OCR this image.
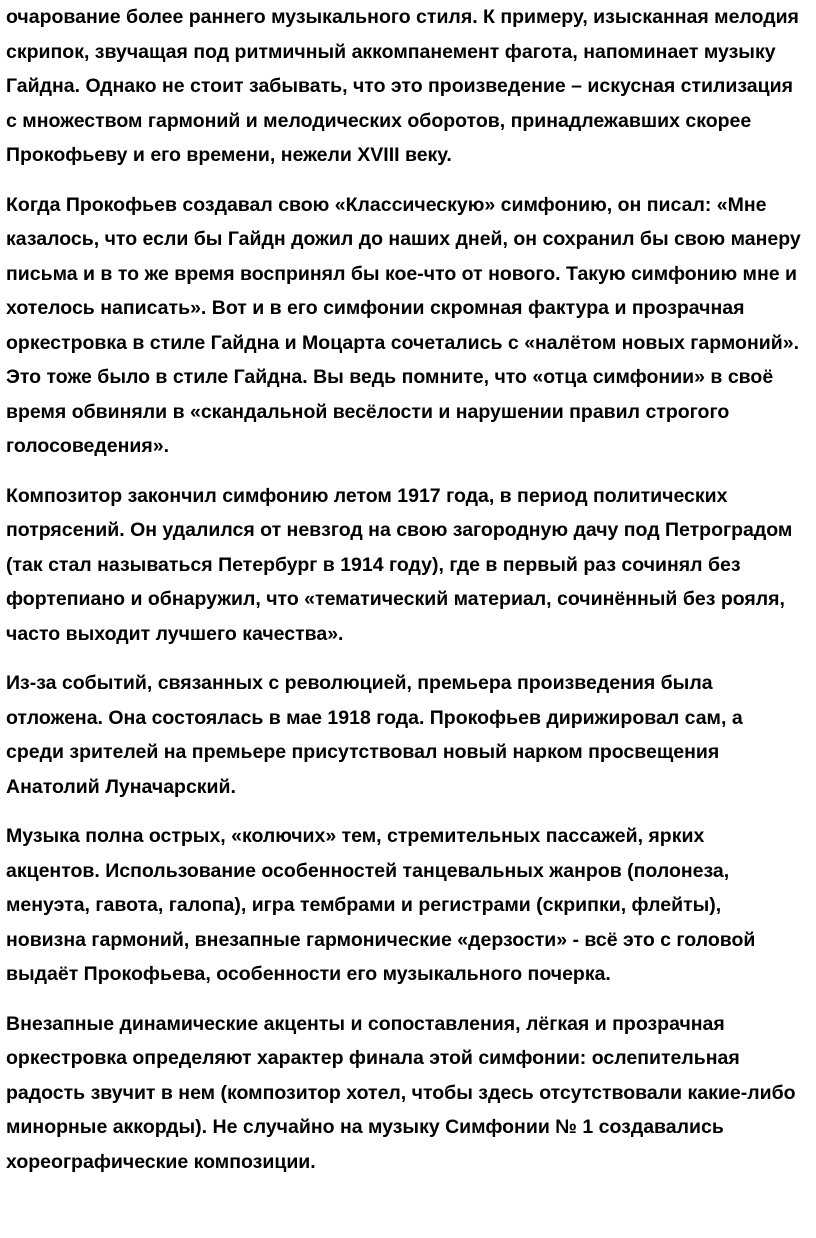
очарование более раннего музыкального стиля. К примеру, изысканная мелодия скрипок, звучащая под ритмичный аккомпанемент фагота, напоминает музыку Гайдна. Однако не стоит забывать, что это произведение – искусная стилизация с множеством гармоний и мелодических оборотов, принадлежавших скорее Прокофьеву и его времени, нежели XVIII веку.

Когда Прокофьев создавал свою «Классическую» симфонию, он писал: «Мне казалось, что если бы Гайдн дожил до наших дней, он сохранил бы свою манеру письма и в то же время воспринял бы кое-что от нового. Такую симфонию мне и хотелось написать». Вот и в его симфонии скромная фактура и прозрачная оркестровка в стиле Гайдна и Моцарта сочетались с «налётом новых гармоний». Это тоже было в стиле Гайдна. Вы ведь помните, что «отца симфонии» в своё время обвиняли в «скандальной весёлости и нарушении правил строгого голосоведения».

Композитор закончил симфонию летом 1917 года, в период политических потрясений. Он удалился от невзгод на свою загородную дачу под Петроградом (так стал называться Петербург в 1914 году), где в первый раз сочинял без фортепиано и обнаружил, что «тематический материал, сочинённый без рояля, часто выходит лучшего качества».

Из-за событий, связанных с революцией, премьера произведения была отложена. Она состоялась в мае 1918 года. Прокофьев дирижировал сам, а среди зрителей на премьере присутствовал новый нарком просвещения Анатолий Луначарский.

Музыка полна острых, «колючих» тем, стремительных пассажей, ярких акцентов. Использование особенностей танцевальных жанров (полонеза, менуэта, гавота, галопа), игра тембрами и регистрами (скрипки, флейты), новизна гармоний, внезапные гармонические «дерзости» - всё это с головой выдаёт Прокофьева, особенности его музыкального почерка.

Внезапные динамические акценты и сопоставления, лёгкая и прозрачная оркестровка определяют характер финала этой симфонии: ослепительная радость звучит в нем (композитор хотел, чтобы здесь отсутствовали какие-либо минорные аккорды). Не случайно на музыку Симфонии № 1 создавались хореографические композиции.
